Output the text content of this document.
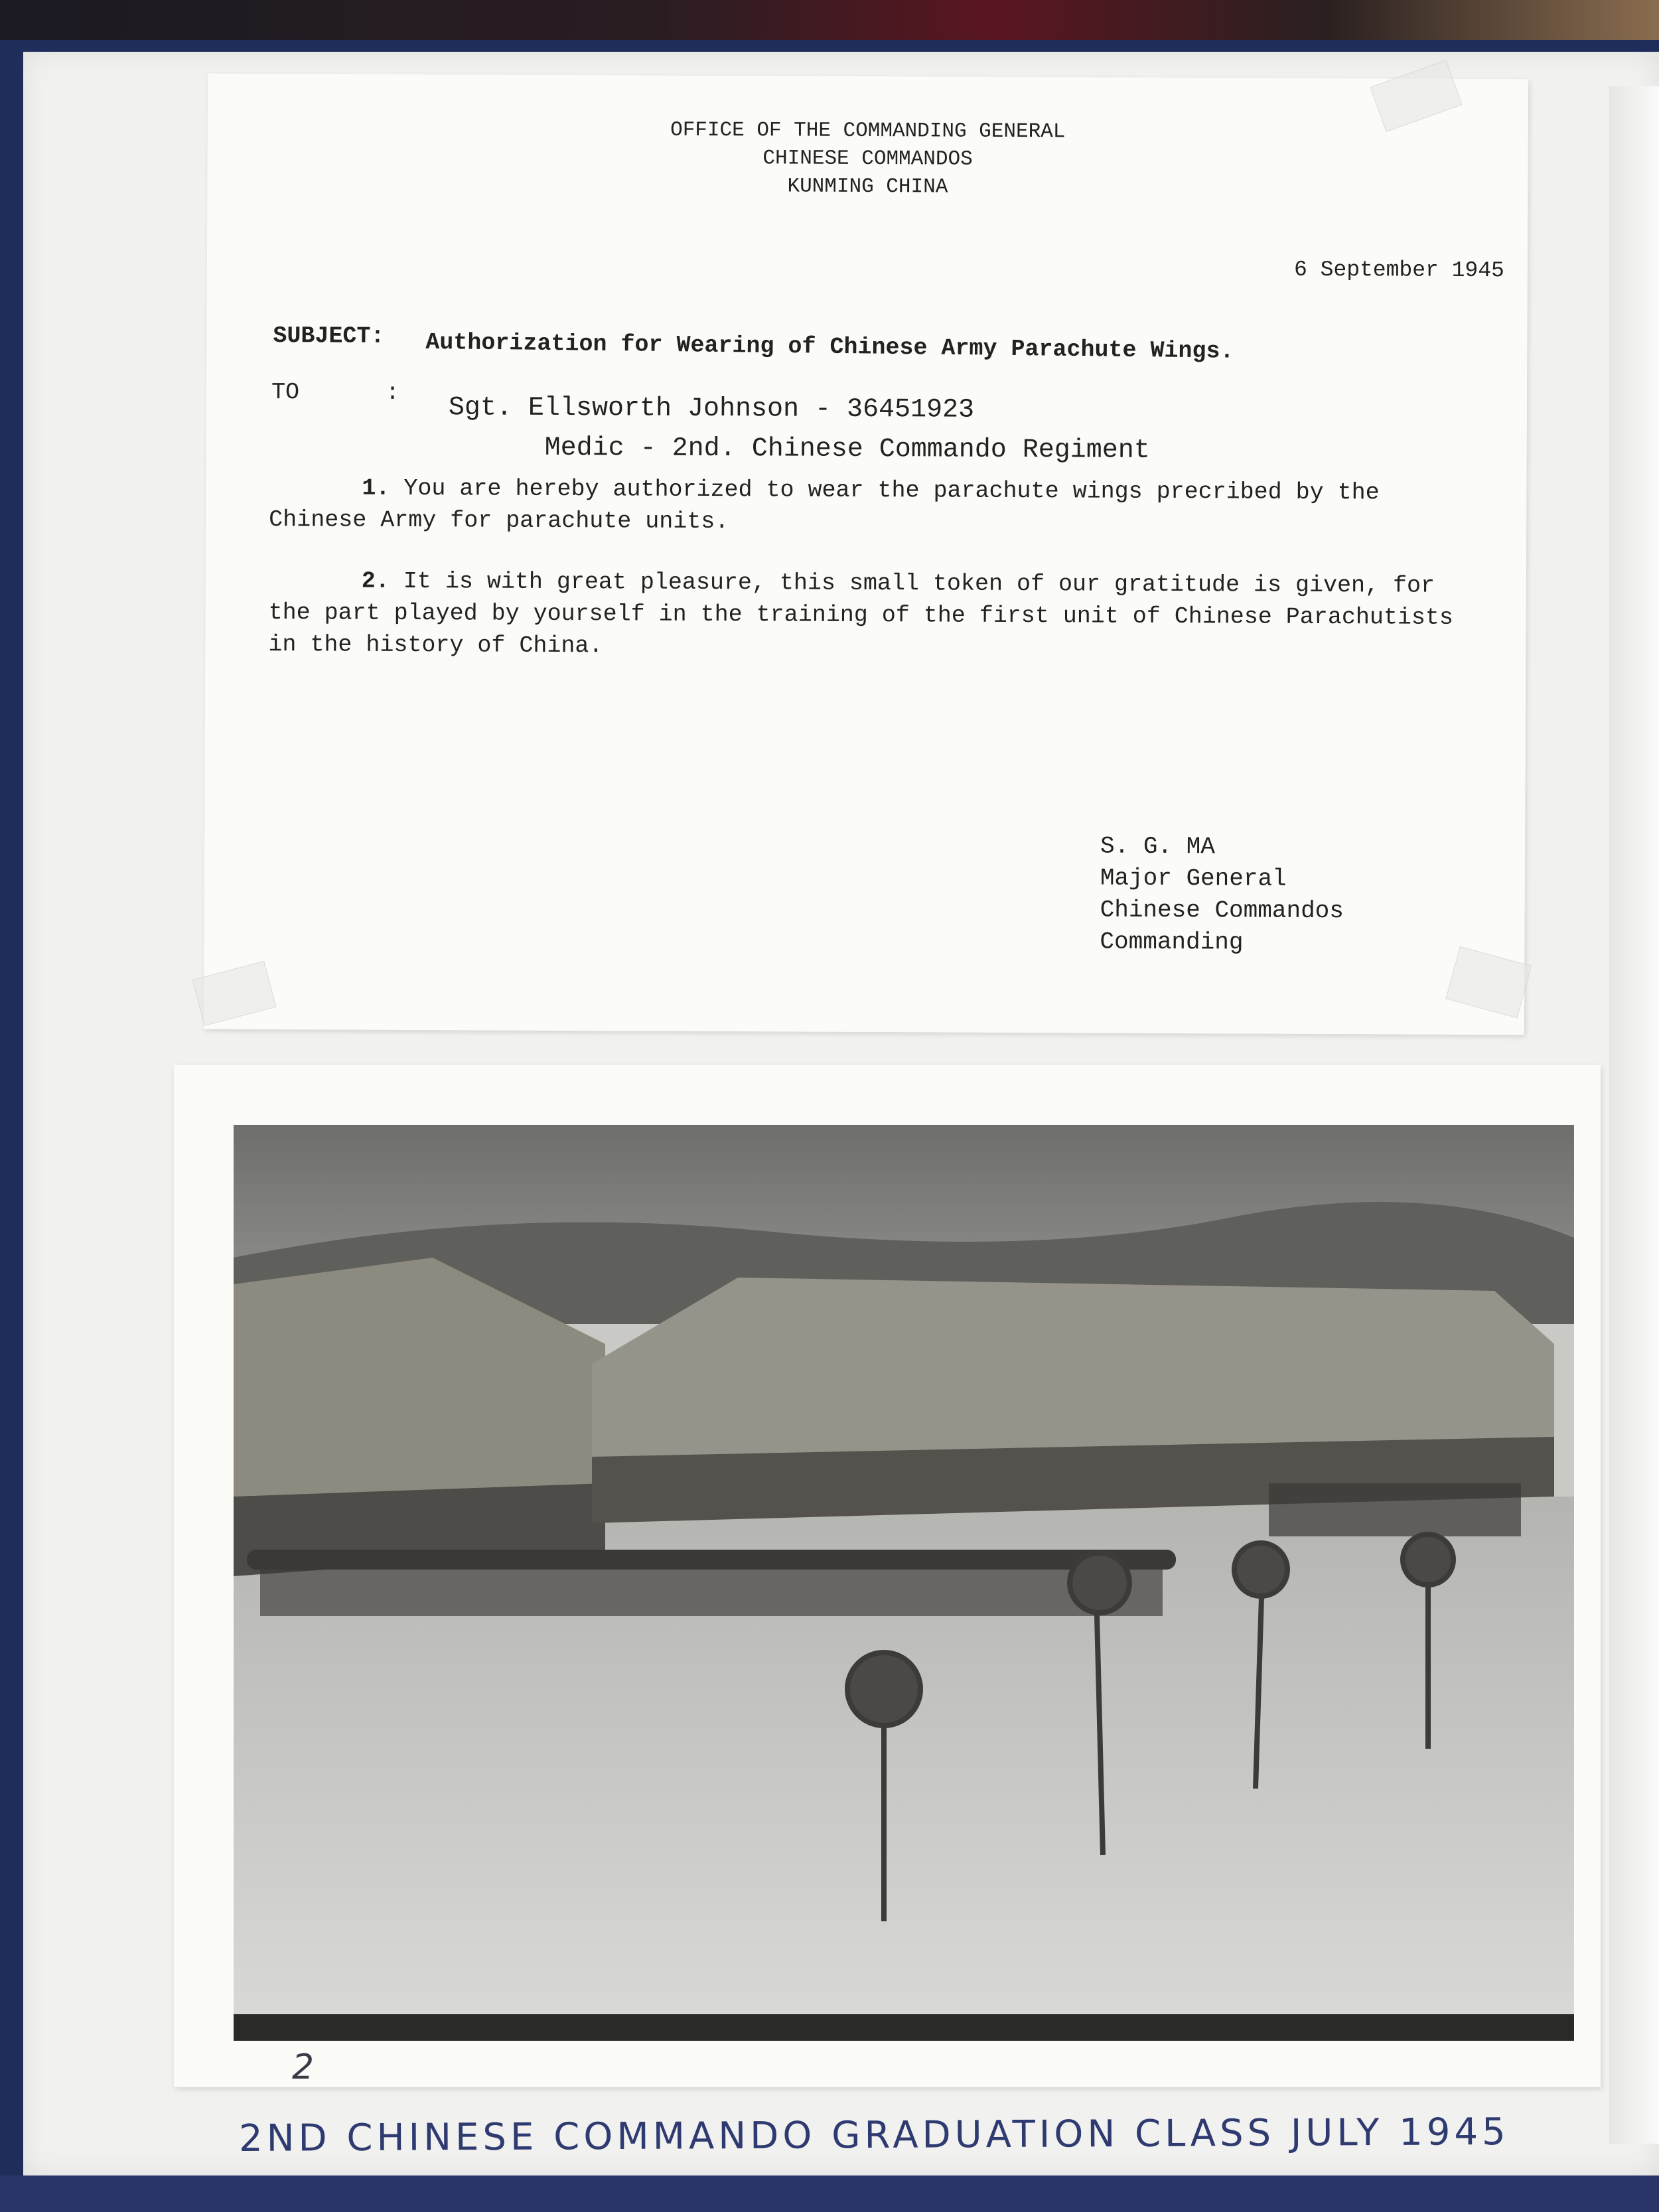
OFFICE OF THE COMMANDING GENERAL
CHINESE COMMANDOS
KUNMING CHINA
6 September 1945
SUBJECT: Authorization for Wearing of Chinese Army Parachute Wings.
TO	:
Sgt. Ellsworth Johnson - 36451923
Medic - 2nd. Chinese Commando Regiment
1. You are hereby authorized to wear the parachute wings precribed by the Chinese Army for parachute units.
2. It is with great pleasure, this small token of our gratitude is given, for the part played by yourself in the training of the first unit of Chinese Parachutists in the history of China.
S. G. MA
Major General
Chinese Commandos
Commanding
2
2ND CHINESE COMMANDO GRADUATION CLASS JULY 1945
